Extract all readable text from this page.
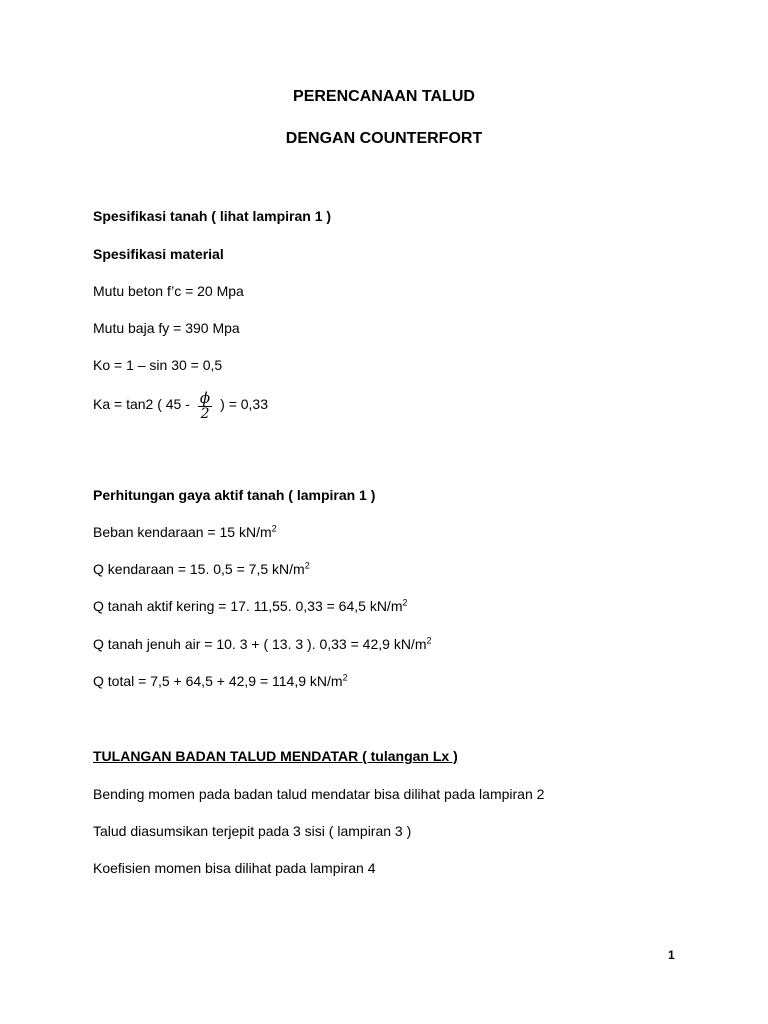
PERENCANAAN TALUD
DENGAN COUNTERFORT
Spesifikasi tanah ( lihat lampiran 1 )
Spesifikasi material
Mutu beton f’c = 20 Mpa
Mutu baja fy = 390 Mpa
Ko = 1 – sin 30 = 0,5
Ka = tan2 ( $45 - \frac{\phi}{2}$ ) = 0,33
Perhitungan gaya aktif tanah ( lampiran 1 )
Beban kendaraan = 15 $kN/m^2$
Q kendaraan = 15. 0,5 = 7,5 $kN/m^2$
Q tanah aktif kering = 17. 11,55. 0,33 = 64,5 $kN/m^2$
Q tanah jenuh air = 10. 3 + ( 13. 3 ). 0,33 = 42,9 $kN/m^2$
Q total = 7,5 + 64,5 + 42,9 = 114,9 $kN/m^2$
TULANGAN BADAN TALUD MENDATAR ( tulangan Lx )
Bending momen pada badan talud mendatar bisa dilihat pada lampiran 2
Talud diasumsikan terjepit pada 3 sisi ( lampiran 3 )
Koefisien momen bisa dilihat pada lampiran 4
1
